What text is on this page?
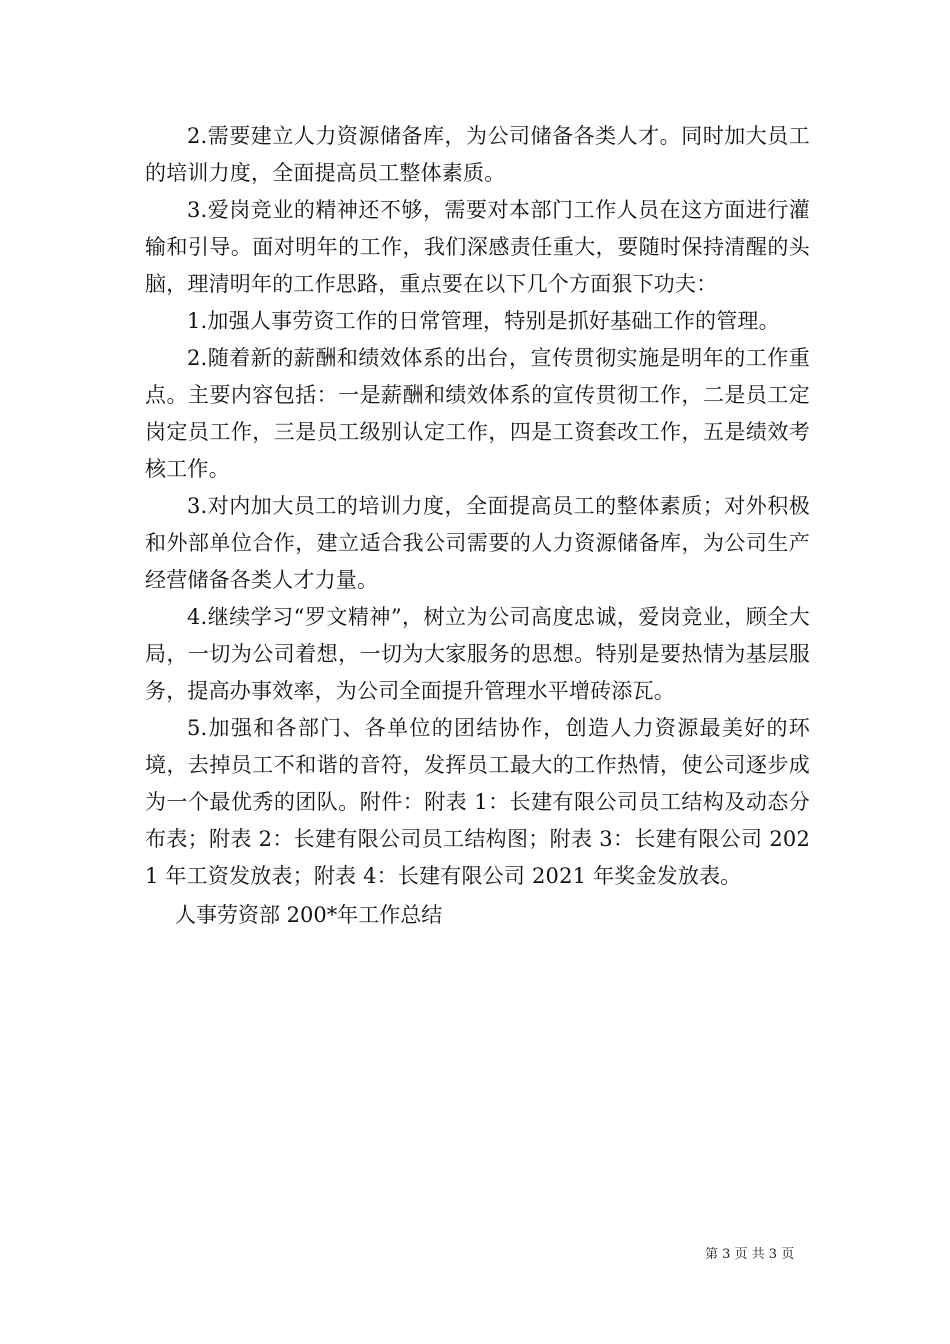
2.需要建立人力资源储备库，为公司储备各类人才。同时加大员工的培训力度，全面提高员工整体素质。

3.爱岗竞业的精神还不够，需要对本部门工作人员在这方面进行灌输和引导。面对明年的工作，我们深感责任重大，要随时保持清醒的头脑，理清明年的工作思路，重点要在以下几个方面狠下功夫：

1.加强人事劳资工作的日常管理，特别是抓好基础工作的管理。

2.随着新的薪酬和绩效体系的出台，宣传贯彻实施是明年的工作重点。主要内容包括：一是薪酬和绩效体系的宣传贯彻工作，二是员工定岗定员工作，三是员工级别认定工作，四是工资套改工作，五是绩效考核工作。

3.对内加大员工的培训力度，全面提高员工的整体素质；对外积极和外部单位合作，建立适合我公司需要的人力资源储备库，为公司生产经营储备各类人才力量。

4.继续学习“罗文精神”，树立为公司高度忠诚，爱岗竞业，顾全大局，一切为公司着想，一切为大家服务的思想。特别是要热情为基层服务，提高办事效率，为公司全面提升管理水平增砖添瓦。

5.加强和各部门、各单位的团结协作，创造人力资源最美好的环境，去掉员工不和谐的音符，发挥员工最大的工作热情，使公司逐步成为一个最优秀的团队。附件：附表 1：长建有限公司员工结构及动态分布表；附表 2：长建有限公司员工结构图；附表 3：长建有限公司 2021 年工资发放表；附表 4：长建有限公司 2021 年奖金发放表。

人事劳资部 200*年工作总结
第 3 页 共 3 页
